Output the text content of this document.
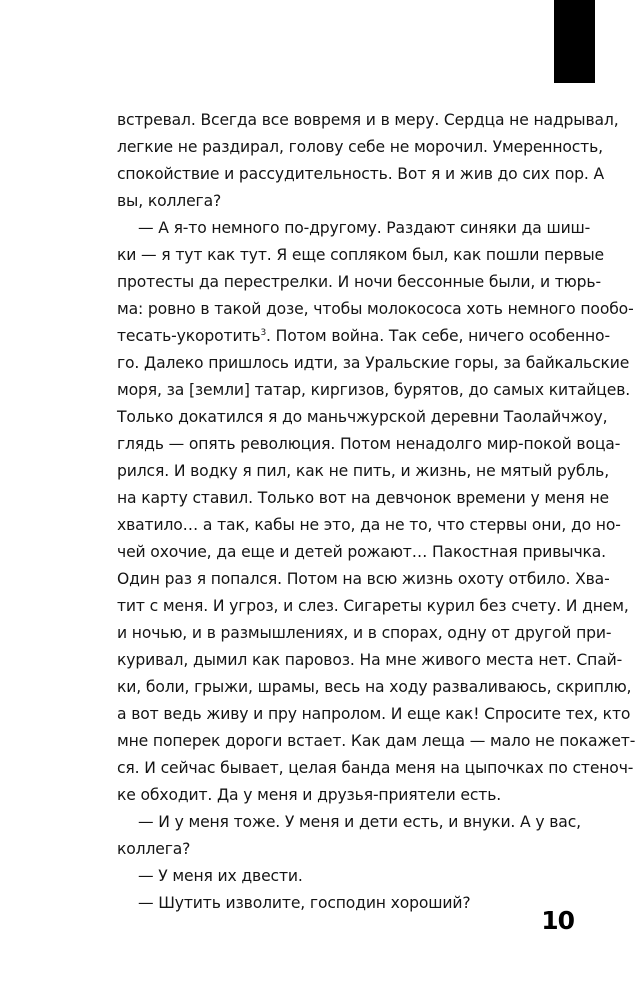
встревал. Всегда все вовремя и в меру. Сердца не надрывал,
легкие не раздирал, голову себе не морочил. Умеренность,
спокойствие и рассудительность. Вот я и жив до сих пор. А
вы, коллега?
— А я-то немного по-другому. Раздают синяки да шиш-
ки — я тут как тут. Я еще сопляком был, как пошли первые
протесты да перестрелки. И ночи бессонные были, и тюрь-
ма: ровно в такой дозе, чтобы молокососа хоть немного пообо-
тесать-укоротить$^3$. Потом война. Так себе, ничего особенно-
го. Далеко пришлось идти, за Уральские горы, за байкальские
моря, за [земли] татар, киргизов, бурятов, до самых китайцев.
Только докатился я до маньчжурской деревни Таолайчжоу,
глядь — опять революция. Потом ненадолго мир-покой воца-
рился. И водку я пил, как не пить, и жизнь, не мятый рубль,
на карту ставил. Только вот на девчонок времени у меня не
хватило… а так, кабы не это, да не то, что стервы они, до но-
чей охочие, да еще и детей рожают… Пакостная привычка.
Один раз я попался. Потом на всю жизнь охоту отбило. Хва-
тит с меня. И угроз, и слез. Сигареты курил без счету. И днем,
и ночью, и в размышлениях, и в спорах, одну от другой при-
куривал, дымил как паровоз. На мне живого места нет. Спай-
ки, боли, грыжи, шрамы, весь на ходу разваливаюсь, скриплю,
а вот ведь живу и пру напролом. И еще как! Спросите тех, кто
мне поперек дороги встает. Как дам леща — мало не покажет-
ся. И сейчас бывает, целая банда меня на цыпочках по стеноч-
ке обходит. Да у меня и друзья-приятели есть.
— И у меня тоже. У меня и дети есть, и внуки. А у вас,
коллега?
— У меня их двести.
— Шутить изволите, господин хороший?
10
